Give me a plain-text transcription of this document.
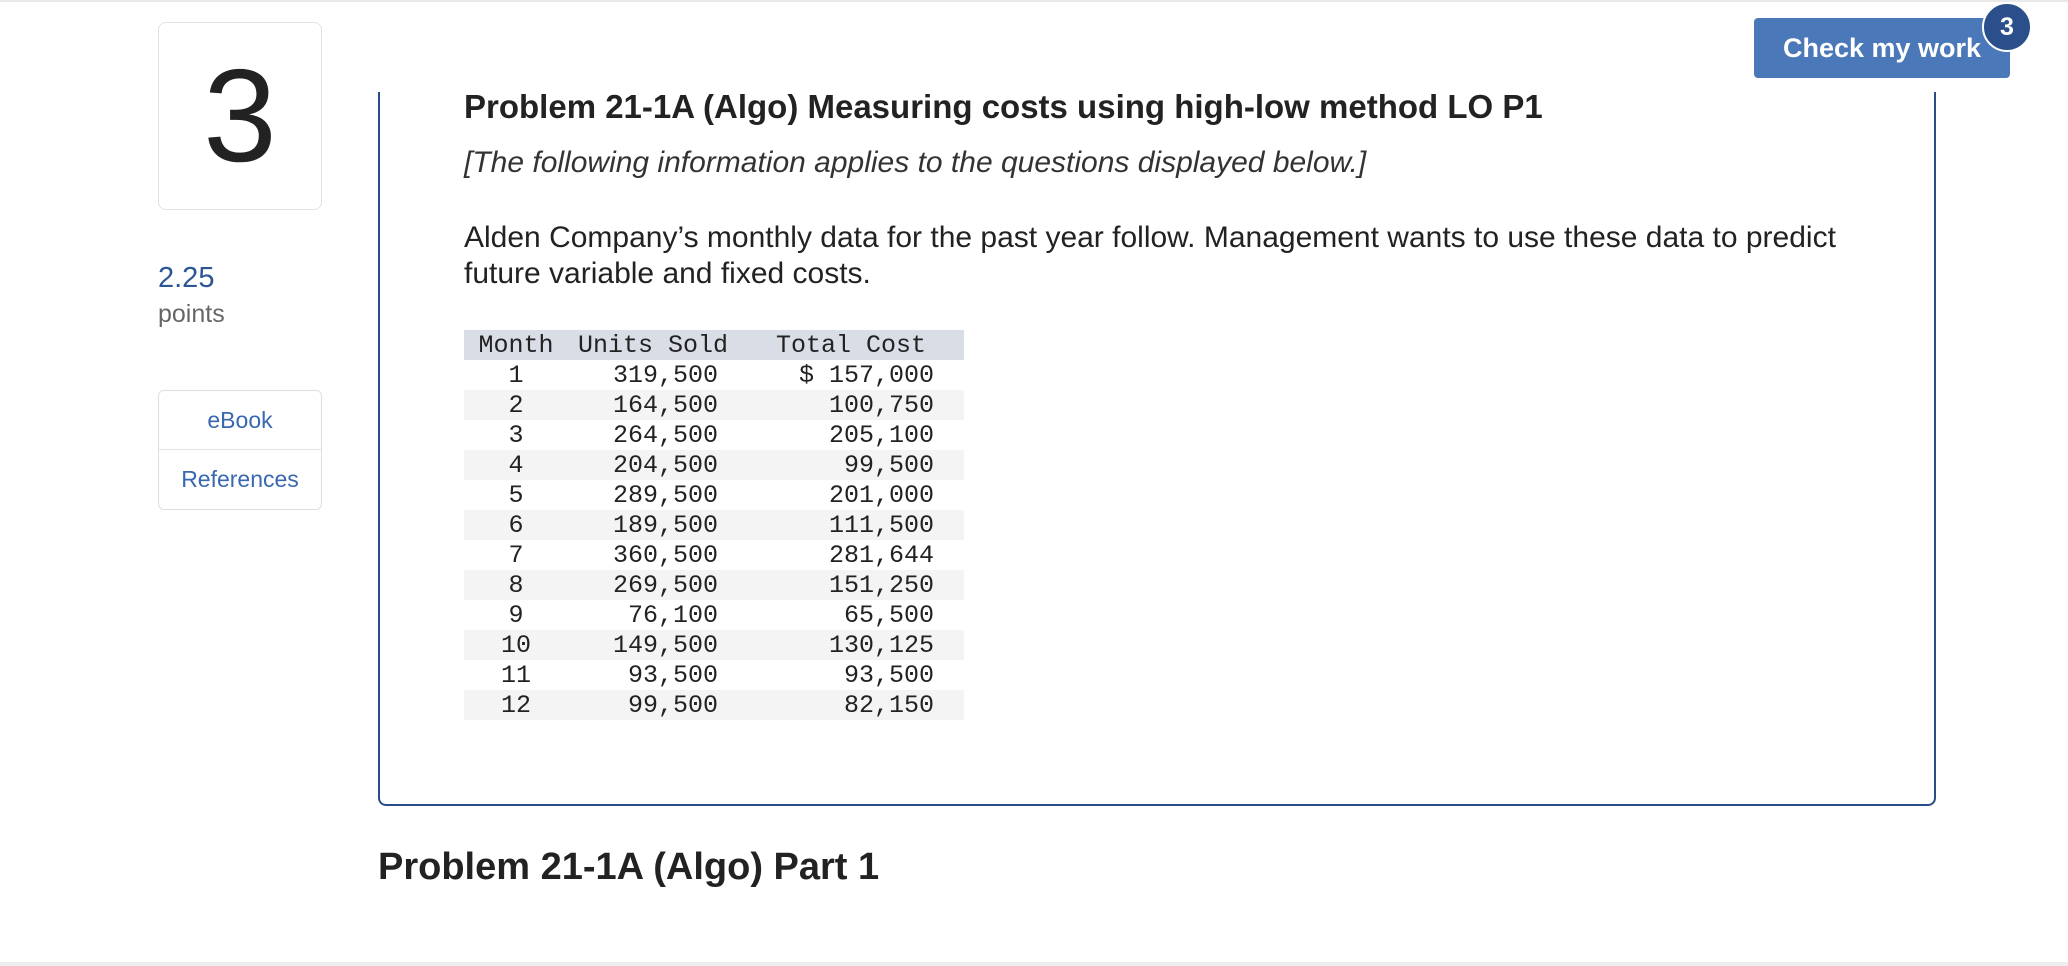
3
2.25
points
eBook
References
Check my work
3
Problem 21-1A (Algo) Measuring costs using high-low method LO P1
[The following information applies to the questions displayed below.]
Alden Company’s monthly data for the past year follow. Management wants to use these data to predict future variable and fixed costs.
Month	Units Sold	Total Cost
1	319,500	$ 157,000
2	164,500	100,750
3	264,500	205,100
4	204,500	99,500
5	289,500	201,000
6	189,500	111,500
7	360,500	281,644
8	269,500	151,250
9	76,100	65,500
10	149,500	130,125
11	93,500	93,500
12	99,500	82,150
Problem 21-1A (Algo) Part 1
